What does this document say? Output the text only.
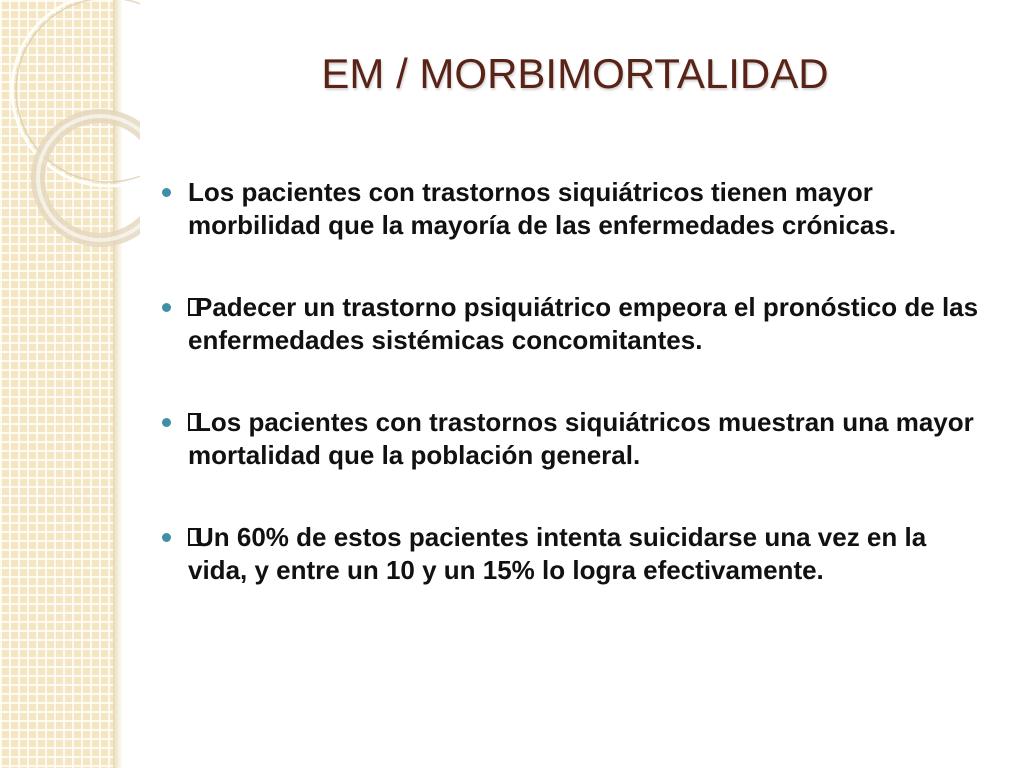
EM / MORBIMORTALIDAD
Los pacientes con trastornos siquiátricos tienen mayor morbilidad que la mayoría de las enfermedades crónicas.
Padecer un trastorno psiquiátrico empeora el pronóstico de las enfermedades sistémicas concomitantes.
Los pacientes con trastornos siquiátricos muestran una mayor mortalidad que la población general.
Un 60% de estos pacientes intenta suicidarse una vez en la vida, y entre un 10 y un 15% lo logra efectivamente.
